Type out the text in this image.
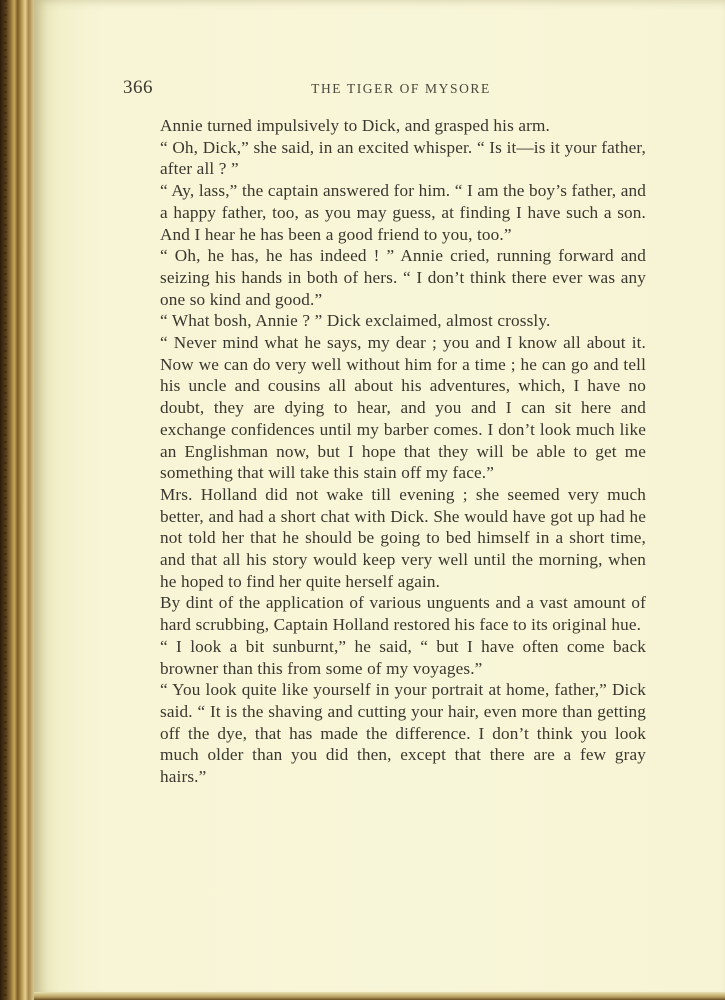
366	THE TIGER OF MYSORE

Annie turned impulsively to Dick, and grasped his arm.

“ Oh, Dick,” she said, in an excited whisper. “ Is it—is it your father, after all ? ”

“ Ay, lass,” the captain answered for him. “ I am the boy’s father, and a happy father, too, as you may guess, at finding I have such a son. And I hear he has been a good friend to you, too.”

“ Oh, he has, he has indeed ! ” Annie cried, running forward and seizing his hands in both of hers. “ I don’t think there ever was any one so kind and good.”

“ What bosh, Annie ? ” Dick exclaimed, almost crossly.

“ Never mind what he says, my dear ; you and I know all about it. Now we can do very well without him for a time ; he can go and tell his uncle and cousins all about his adventures, which, I have no doubt, they are dying to hear, and you and I can sit here and exchange confidences until my barber comes. I don’t look much like an Englishman now, but I hope that they will be able to get me something that will take this stain off my face.”

Mrs. Holland did not wake till evening ; she seemed very much better, and had a short chat with Dick. She would have got up had he not told her that he should be going to bed himself in a short time, and that all his story would keep very well until the morning, when he hoped to find her quite herself again.

By dint of the application of various unguents and a vast amount of hard scrubbing, Captain Holland restored his face to its original hue.

“ I look a bit sunburnt,” he said, “ but I have often come back browner than this from some of my voyages.”

“ You look quite like yourself in your portrait at home, father,” Dick said. “ It is the shaving and cutting your hair, even more than getting off the dye, that has made the difference. I don’t think you look much older than you did then, except that there are a few gray hairs.”
